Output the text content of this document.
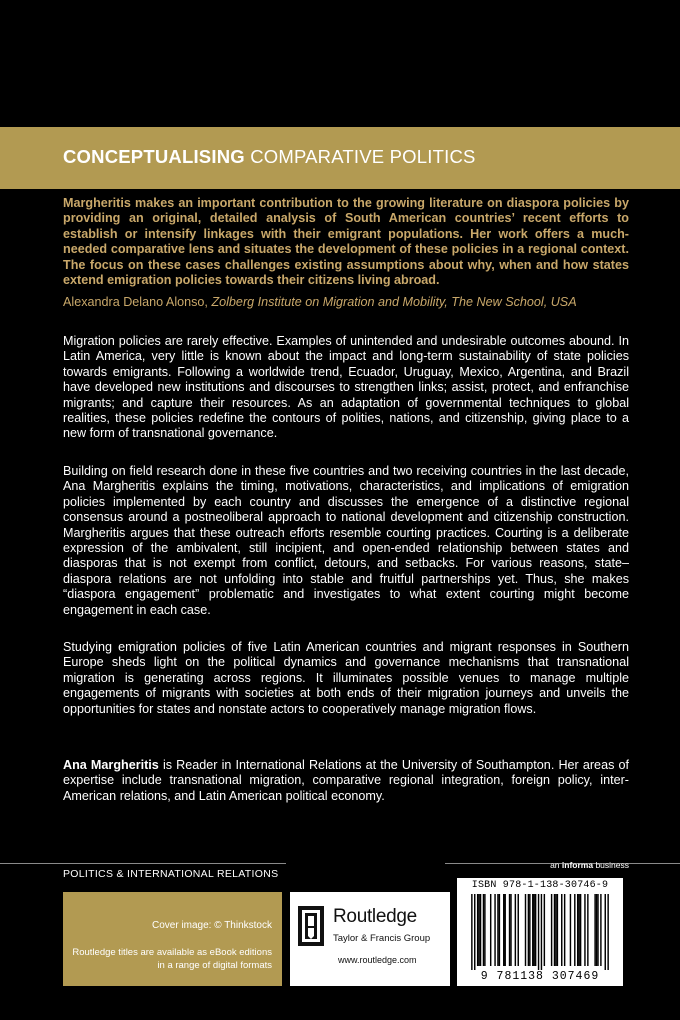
CONCEPTUALISING COMPARATIVE POLITICS
Margheritis makes an important contribution to the growing literature on diaspora policies by providing an original, detailed analysis of South American countries’ recent efforts to establish or intensify linkages with their emigrant populations. Her work offers a much-needed comparative lens and situates the development of these policies in a regional context. The focus on these cases challenges existing assumptions about why, when and how states extend emigration policies towards their citizens living abroad.
Alexandra Delano Alonso, Zolberg Institute on Migration and Mobility, The New School, USA
Migration policies are rarely effective. Examples of unintended and undesirable outcomes abound. In Latin America, very little is known about the impact and long-term sustainability of state policies towards emigrants. Following a worldwide trend, Ecuador, Uruguay, Mexico, Argentina, and Brazil have developed new institutions and discourses to strengthen links; assist, protect, and enfranchise migrants; and capture their resources. As an adaptation of governmental techniques to global realities, these policies redefine the contours of polities, nations, and citizenship, giving place to a new form of transnational governance.
Building on field research done in these five countries and two receiving countries in the last decade, Ana Margheritis explains the timing, motivations, characteristics, and implications of emigration policies implemented by each country and discusses the emergence of a distinctive regional consensus around a postneoliberal approach to national development and citizenship construction. Margheritis argues that these outreach efforts resemble courting practices. Courting is a deliberate expression of the ambivalent, still incipient, and open-ended relationship between states and diasporas that is not exempt from conflict, detours, and setbacks. For various reasons, state–diaspora relations are not unfolding into stable and fruitful partnerships yet. Thus, she makes “diaspora engagement” problematic and investigates to what extent courting might become engagement in each case.
Studying emigration policies of five Latin American countries and migrant responses in Southern Europe sheds light on the political dynamics and governance mechanisms that transnational migration is generating across regions. It illuminates possible venues to manage multiple engagements of migrants with societies at both ends of their migration journeys and unveils the opportunities for states and nonstate actors to cooperatively manage migration flows.
Ana Margheritis is Reader in International Relations at the University of Southampton. Her areas of expertise include transnational migration, comparative regional integration, foreign policy, inter-American relations, and Latin American political economy.
POLITICS & INTERNATIONAL RELATIONS
an informa business
Cover image: © Thinkstock
Routledge titles are available as eBook editions in a range of digital formats
Routledge
Taylor & Francis Group
www.routledge.com
ISBN 978-1-138-30746-9
9 781138 307469
